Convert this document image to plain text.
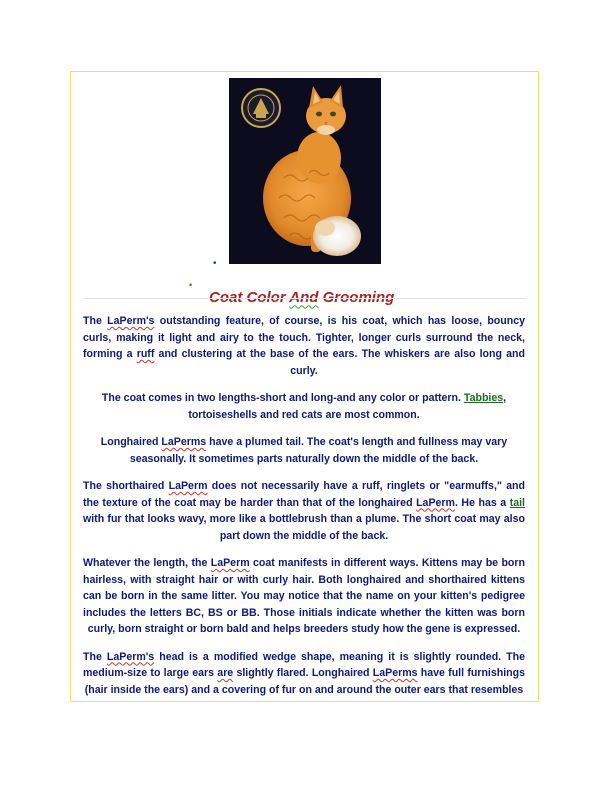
•
•
Coat Color And Grooming

The LaPerm's outstanding feature, of course, is his coat, which has loose, bouncy curls, making it light and airy to the touch. Tighter, longer curls surround the neck, forming a ruff and clustering at the base of the ears. The whiskers are also long and curly.

The coat comes in two lengths-short and long-and any color or pattern. Tabbies, tortoiseshells and red cats are most common.

Longhaired LaPerms have a plumed tail. The coat's length and fullness may vary seasonally. It sometimes parts naturally down the middle of the back.

The shorthaired LaPerm does not necessarily have a ruff, ringlets or "earmuffs," and the texture of the coat may be harder than that of the longhaired LaPerm. He has a tail with fur that looks wavy, more like a bottlebrush than a plume. The short coat may also part down the middle of the back.

Whatever the length, the LaPerm coat manifests in different ways. Kittens may be born hairless, with straight hair or with curly hair. Both longhaired and shorthaired kittens can be born in the same litter. You may notice that the name on your kitten's pedigree includes the letters BC, BS or BB. Those initials indicate whether the kitten was born curly, born straight or born bald and helps breeders study how the gene is expressed.

The LaPerm's head is a modified wedge shape, meaning it is slightly rounded. The medium-size to large ears are slightly flared. Longhaired LaPerms have full furnishings (hair inside the ears) and a covering of fur on and around the outer ears that resembles
